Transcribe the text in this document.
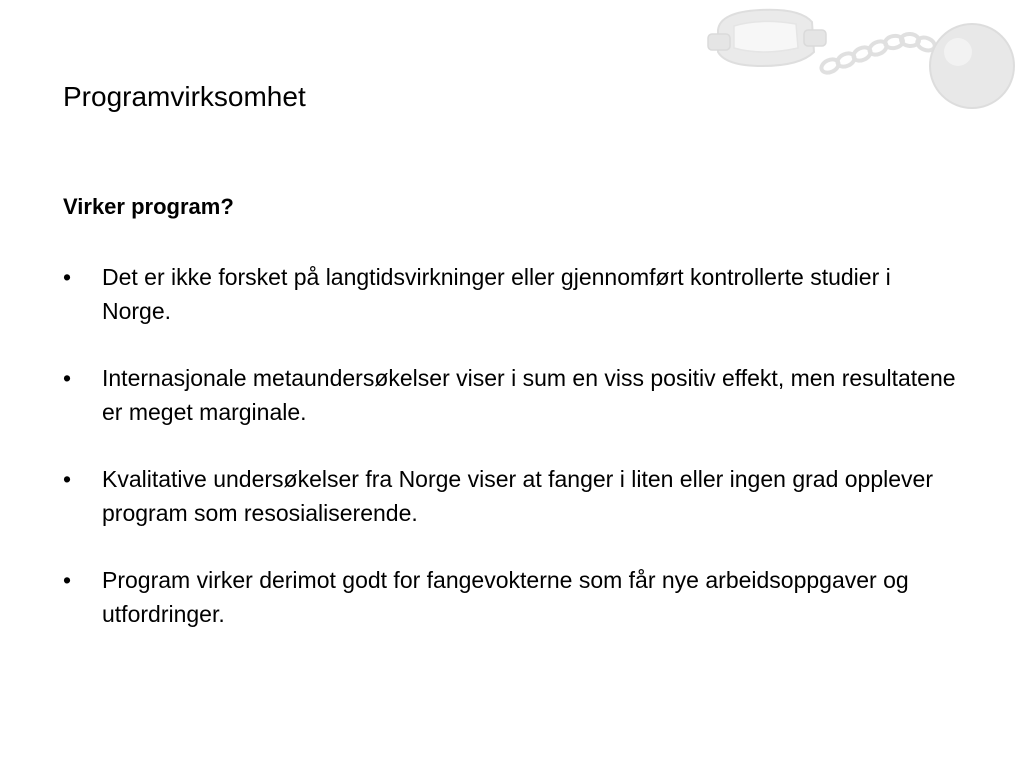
Programvirksomhet
Virker program?
• Det er ikke forsket på langtidsvirkninger eller gjennomført kontrollerte studier i Norge.
• Internasjonale metaundersøkelser viser i sum en viss positiv effekt, men resultatene er meget marginale.
• Kvalitative undersøkelser fra Norge viser at fanger i liten eller ingen grad opplever program som resosialiserende.
• Program virker derimot godt for fangevokterne som får nye arbeidsoppgaver og utfordringer.
